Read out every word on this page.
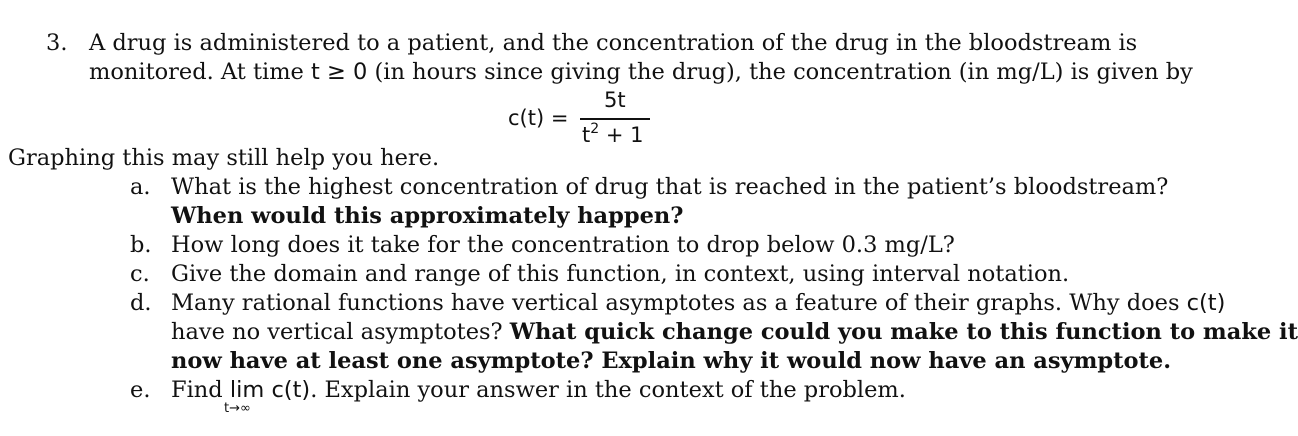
3. A drug is administered to a patient, and the concentration of the drug in the bloodstream is
monitored. At time t ≥ 0 (in hours since giving the drug), the concentration (in mg/L) is given by
c(t) =
5t
$t^2 + 1$
Graphing this may still help you here.
a. What is the highest concentration of drug that is reached in the patient’s bloodstream?
When would this approximately happen?
b. How long does it take for the concentration to drop below 0.3 mg/L?
c. Give the domain and range of this function, in context, using interval notation.
d. Many rational functions have vertical asymptotes as a feature of their graphs. Why does c(t)
have no vertical asymptotes? What quick change could you make to this function to make it
now have at least one asymptote? Explain why it would now have an asymptote.
e. Find lim c(t). Explain your answer in the context of the problem.
t→∞
